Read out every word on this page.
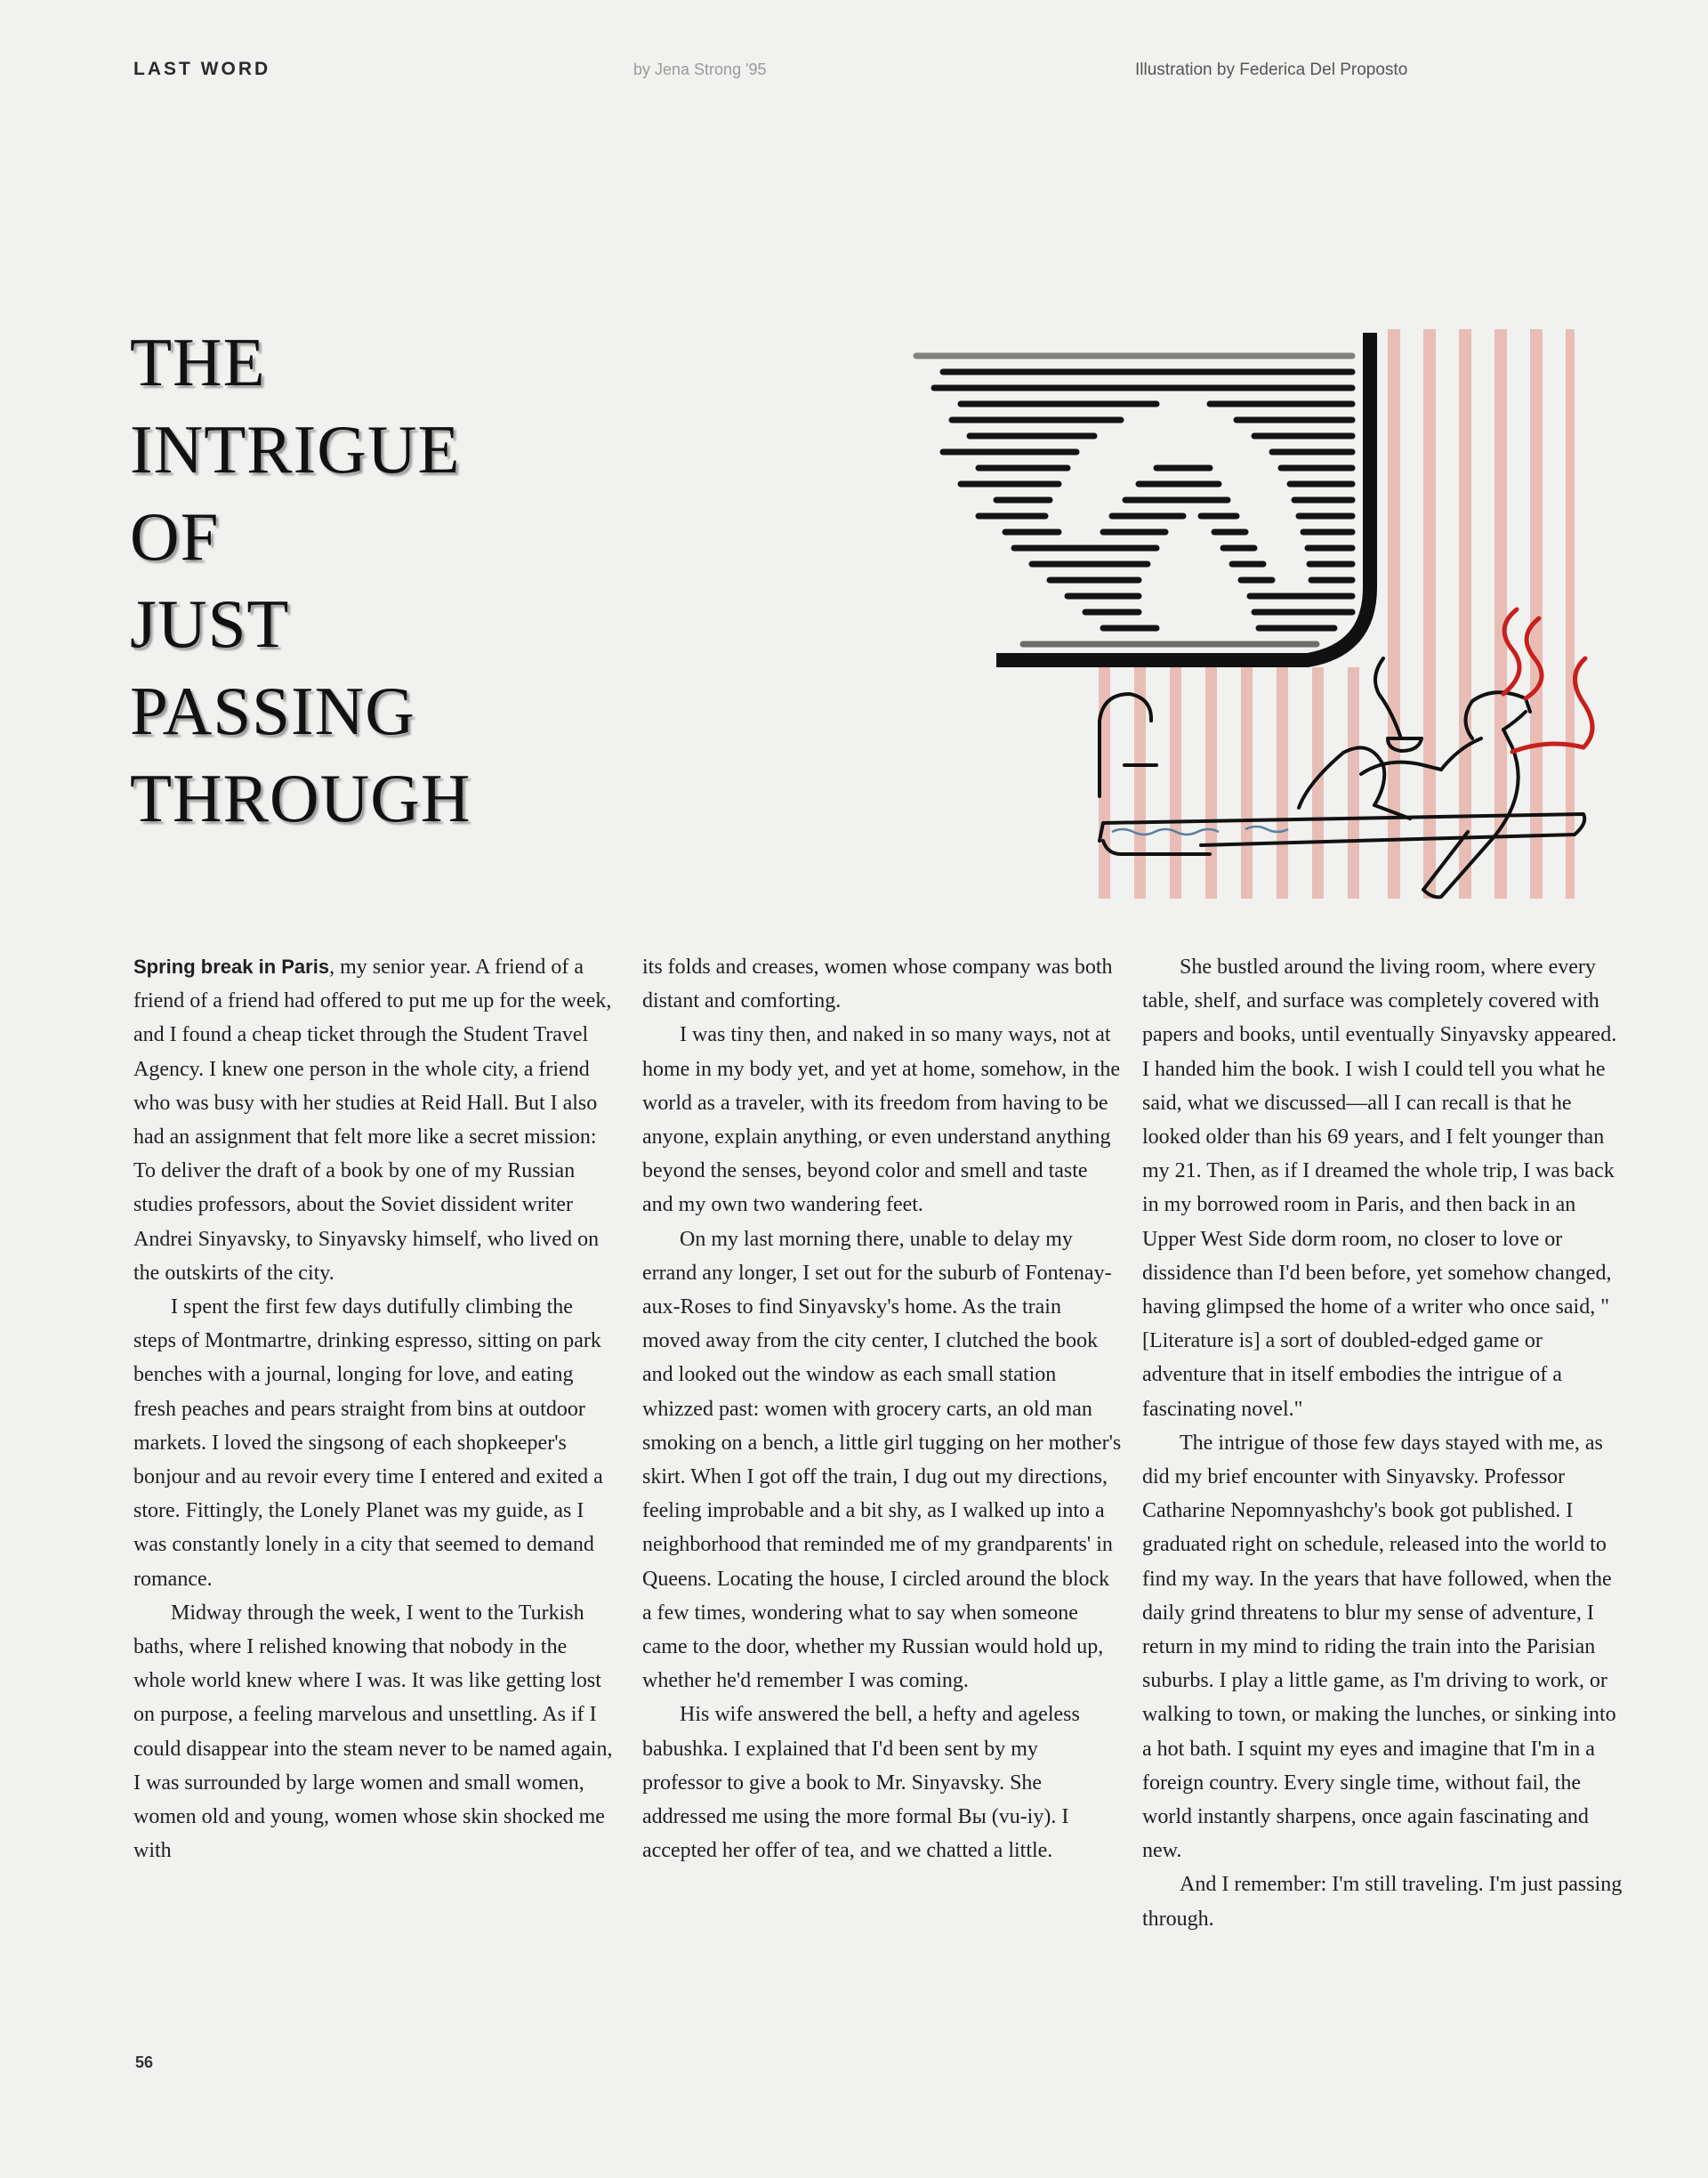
LAST WORD	by Jena Strong '95	Illustration by Federica Del Proposto
THE
INTRIGUE
OF
JUST
PASSING
THROUGH

Spring break in Paris, my senior year. A friend of a friend of a friend had offered to put me up for the week, and I found a cheap ticket through the Student Travel Agency. I knew one person in the whole city, a friend who was busy with her studies at Reid Hall. But I also had an assignment that felt more like a secret mission: To deliver the draft of a book by one of my Russian studies professors, about the Soviet dissident writer Andrei Sinyavsky, to Sinyavsky himself, who lived on the outskirts of the city.

I spent the first few days dutifully climbing the steps of Montmartre, drinking espresso, sitting on park benches with a journal, longing for love, and eating fresh peaches and pears straight from bins at outdoor markets. I loved the singsong of each shopkeeper's bonjour and au revoir every time I entered and exited a store. Fittingly, the Lonely Planet was my guide, as I was constantly lonely in a city that seemed to demand romance.

Midway through the week, I went to the Turkish baths, where I relished knowing that nobody in the whole world knew where I was. It was like getting lost on purpose, a feeling marvelous and unsettling. As if I could disappear into the steam never to be named again, I was surrounded by large women and small women, women old and young, women whose skin shocked me with

its folds and creases, women whose company was both distant and comforting.

I was tiny then, and naked in so many ways, not at home in my body yet, and yet at home, somehow, in the world as a traveler, with its freedom from having to be anyone, explain anything, or even understand anything beyond the senses, beyond color and smell and taste and my own two wandering feet.

On my last morning there, unable to delay my errand any longer, I set out for the suburb of Fontenay-aux-Roses to find Sinyavsky's home. As the train moved away from the city center, I clutched the book and looked out the window as each small station whizzed past: women with grocery carts, an old man smoking on a bench, a little girl tugging on her mother's skirt. When I got off the train, I dug out my directions, feeling improbable and a bit shy, as I walked up into a neighborhood that reminded me of my grandparents' in Queens. Locating the house, I circled around the block a few times, wondering what to say when someone came to the door, whether my Russian would hold up, whether he'd remember I was coming.

His wife answered the bell, a hefty and ageless babushka. I explained that I'd been sent by my professor to give a book to Mr. Sinyavsky. She addressed me using the more formal Вы (vu-iy). I accepted her offer of tea, and we chatted a little.

She bustled around the living room, where every table, shelf, and surface was completely covered with papers and books, until eventually Sinyavsky appeared. I handed him the book. I wish I could tell you what he said, what we discussed—all I can recall is that he looked older than his 69 years, and I felt younger than my 21. Then, as if I dreamed the whole trip, I was back in my borrowed room in Paris, and then back in an Upper West Side dorm room, no closer to love or dissidence than I'd been before, yet somehow changed, having glimpsed the home of a writer who once said, "[Literature is] a sort of doubled-edged game or adventure that in itself embodies the intrigue of a fascinating novel."

The intrigue of those few days stayed with me, as did my brief encounter with Sinyavsky. Professor Catharine Nepomnyashchy's book got published. I graduated right on schedule, released into the world to find my way. In the years that have followed, when the daily grind threatens to blur my sense of adventure, I return in my mind to riding the train into the Parisian suburbs. I play a little game, as I'm driving to work, or walking to town, or making the lunches, or sinking into a hot bath. I squint my eyes and imagine that I'm in a foreign country. Every single time, without fail, the world instantly sharpens, once again fascinating and new.

And I remember: I'm still traveling. I'm just passing through.

56
